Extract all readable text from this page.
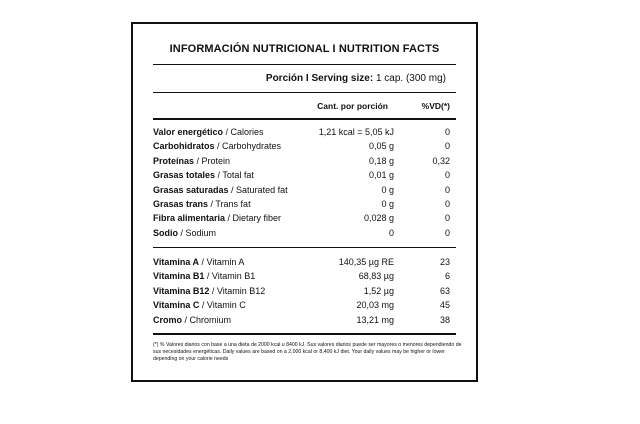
INFORMACIÓN NUTRICIONAL I NUTRITION FACTS
Porción I Serving size: 1 cap. (300 mg)
Cant. por porción	%VD(*)
Valor energético / Calories	1,21 kcal = 5,05 kJ	0
Carbohidratos / Carbohydrates	0,05 g	0
Proteínas / Protein	0,18 g	0,32
Grasas totales / Total fat	0,01 g	0
Grasas saturadas / Saturated fat	0 g	0
Grasas trans / Trans fat	0 g	0
Fibra alimentaria / Dietary fiber	0,028 g	0
Sodio / Sodium	0	0
Vitamina A / Vitamin A	140,35 µg RE	23
Vitamina B1 / Vitamin B1	68,83 µg	6
Vitamina B12 / Vitamin B12	1,52 µg	63
Vitamina C / Vitamin C	20,03 mg	45
Cromo / Chromium	13,21 mg	38
(*) % Valores diarios con base a una dieta de 2000 kcal u 8400 kJ. Sus valores diarios puede ser mayores o menores dependiendo de sus necesidades energéticas. Daily values are based on a 2,000 kcal or 8,400 kJ diet. Your daily values may be higher or lower depending on your calorie needs
